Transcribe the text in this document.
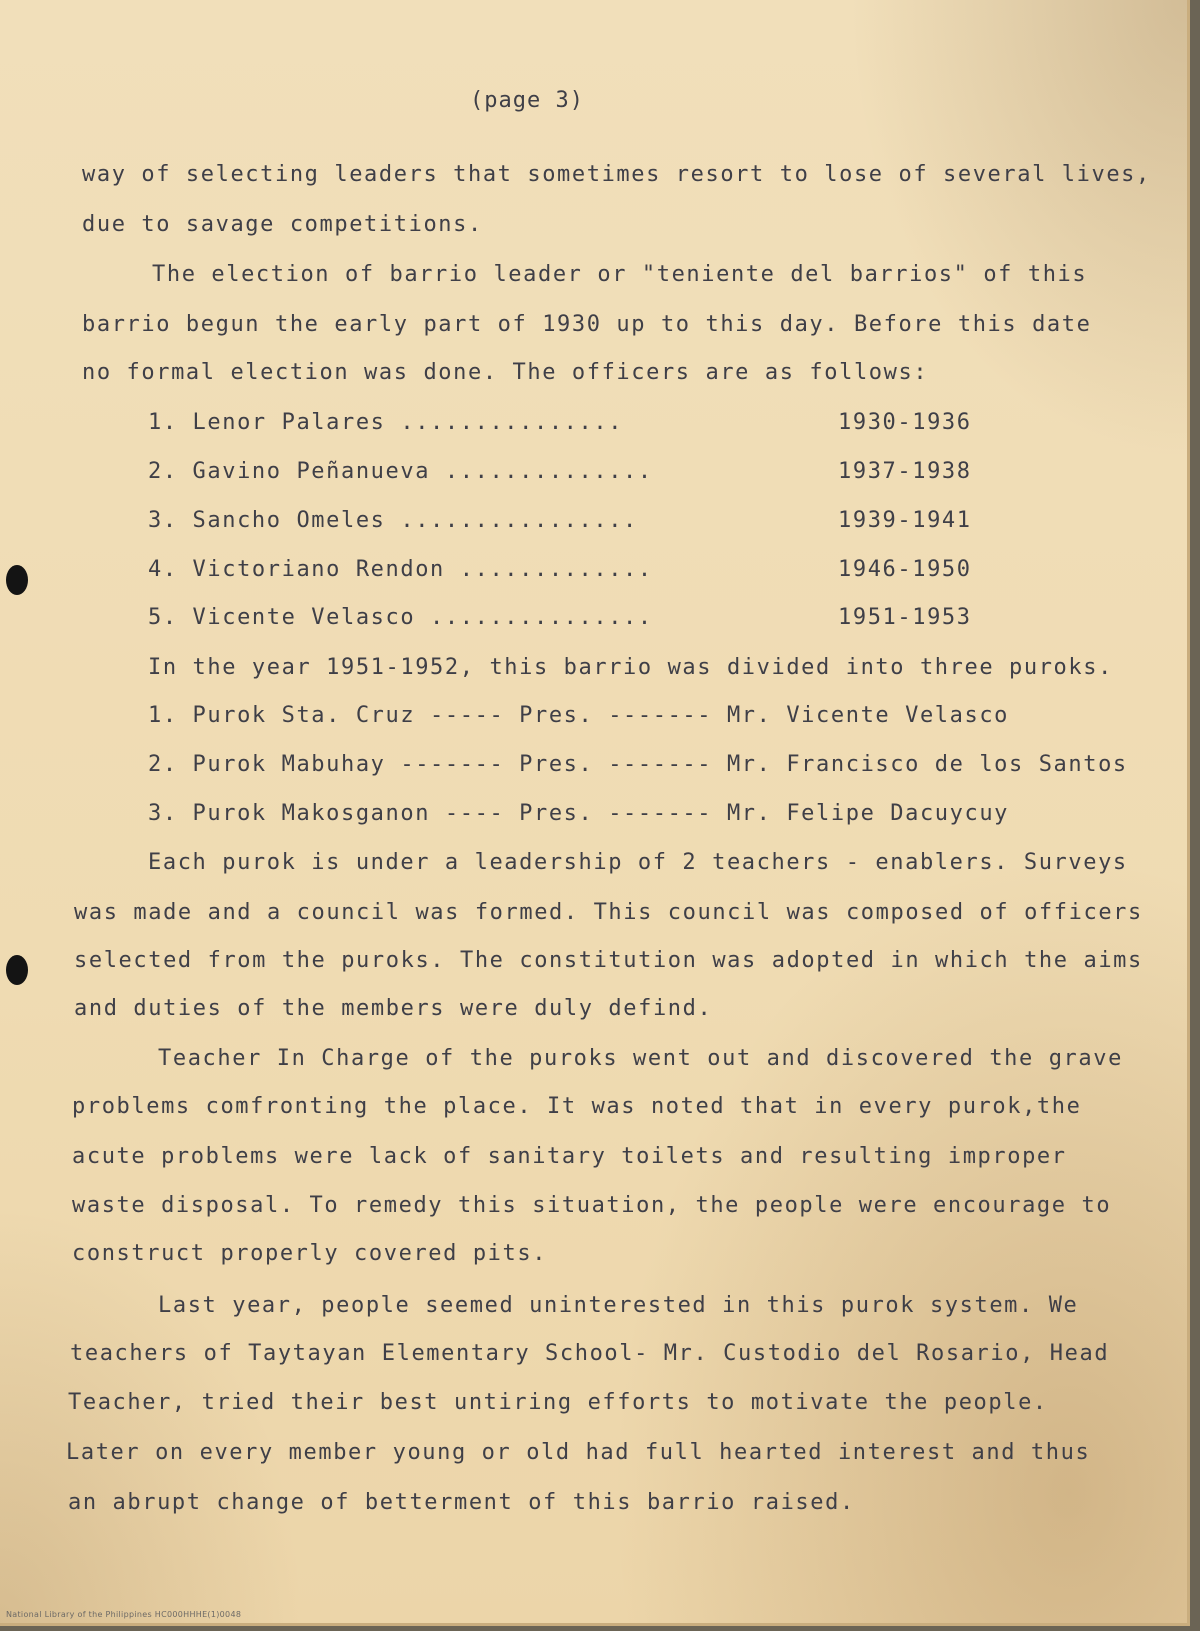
(page 3)
way of selecting leaders that sometimes resort to lose of several lives,
due to savage competitions.
The election of barrio leader or "teniente del barrios" of this
barrio begun the early part of 1930 up to this day. Before this date
no formal election was done. The officers are as follows:
1. Lenor Palares ...............	1930-1936
2. Gavino Peñanueva ..............	1937-1938
3. Sancho Omeles ................	1939-1941
4. Victoriano Rendon .............	1946-1950
5. Vicente Velasco ...............	1951-1953
In the year 1951-1952, this barrio was divided into three puroks.
1. Purok Sta. Cruz ----- Pres. ------- Mr. Vicente Velasco
2. Purok Mabuhay ------- Pres. ------- Mr. Francisco de los Santos
3. Purok Makosganon ---- Pres. ------- Mr. Felipe Dacuycuy
Each purok is under a leadership of 2 teachers - enablers. Surveys
was made and a council was formed. This council was composed of officers
selected from the puroks. The constitution was adopted in which the aims
and duties of the members were duly defind.
Teacher In Charge of the puroks went out and discovered the grave
problems comfronting the place. It was noted that in every purok,the
acute problems were lack of sanitary toilets and resulting improper
waste disposal. To remedy this situation, the people were encourage to
construct properly covered pits.
Last year, people seemed uninterested in this purok system. We
teachers of Taytayan Elementary School- Mr. Custodio del Rosario, Head
Teacher, tried their best untiring efforts to motivate the people.
Later on every member young or old had full hearted interest and thus
an abrupt change of betterment of this barrio raised.
National Library of the Philippines HC000HHHE(1)0048
